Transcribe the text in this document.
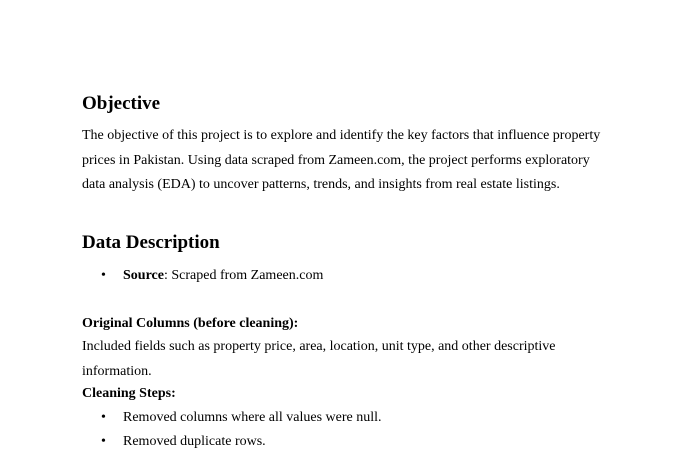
Objective
The objective of this project is to explore and identify the key factors that influence property
prices in Pakistan. Using data scraped from Zameen.com, the project performs exploratory
data analysis (EDA) to uncover patterns, trends, and insights from real estate listings.
Data Description
• Source: Scraped from Zameen.com
Original Columns (before cleaning):
Included fields such as property price, area, location, unit type, and other descriptive
information.
Cleaning Steps:
• Removed columns where all values were null.
• Removed duplicate rows.
